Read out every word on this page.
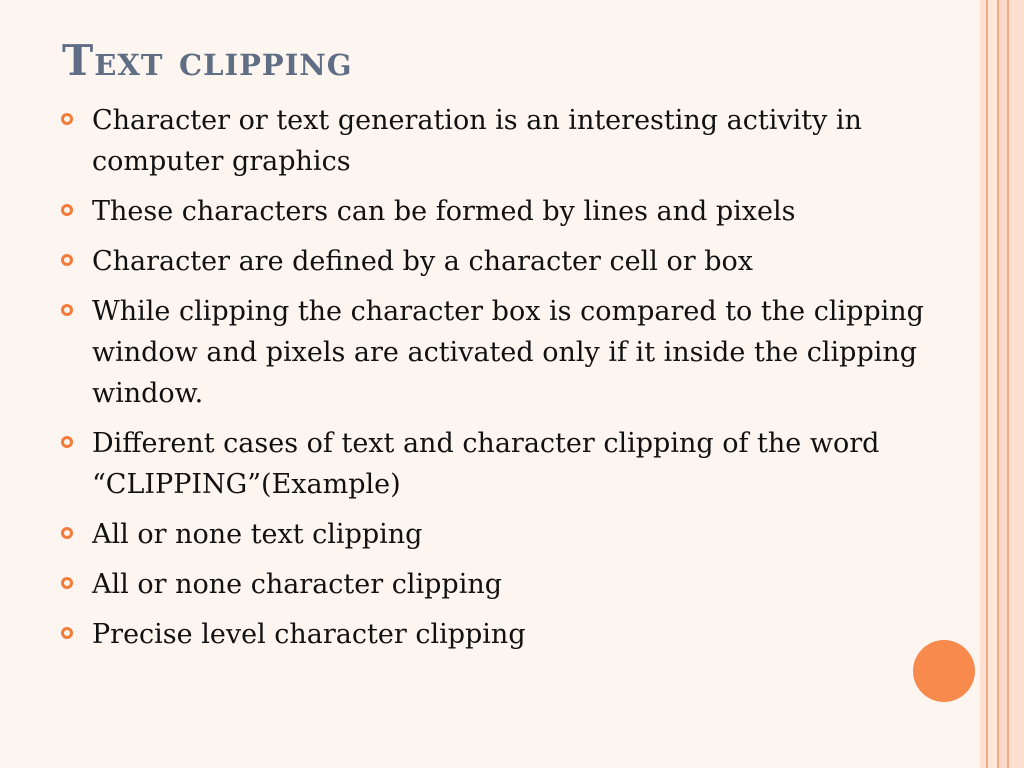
Text clipping
Character or text generation is an interesting activity in computer graphics
These characters can be formed by lines and pixels
Character are defined by a character cell or box
While clipping the character box is compared to the clipping window and pixels are activated only if it inside the clipping window.
Different cases of text and character clipping of the word “CLIPPING”(Example)
All or none text clipping
All or none character clipping
Precise level character clipping
